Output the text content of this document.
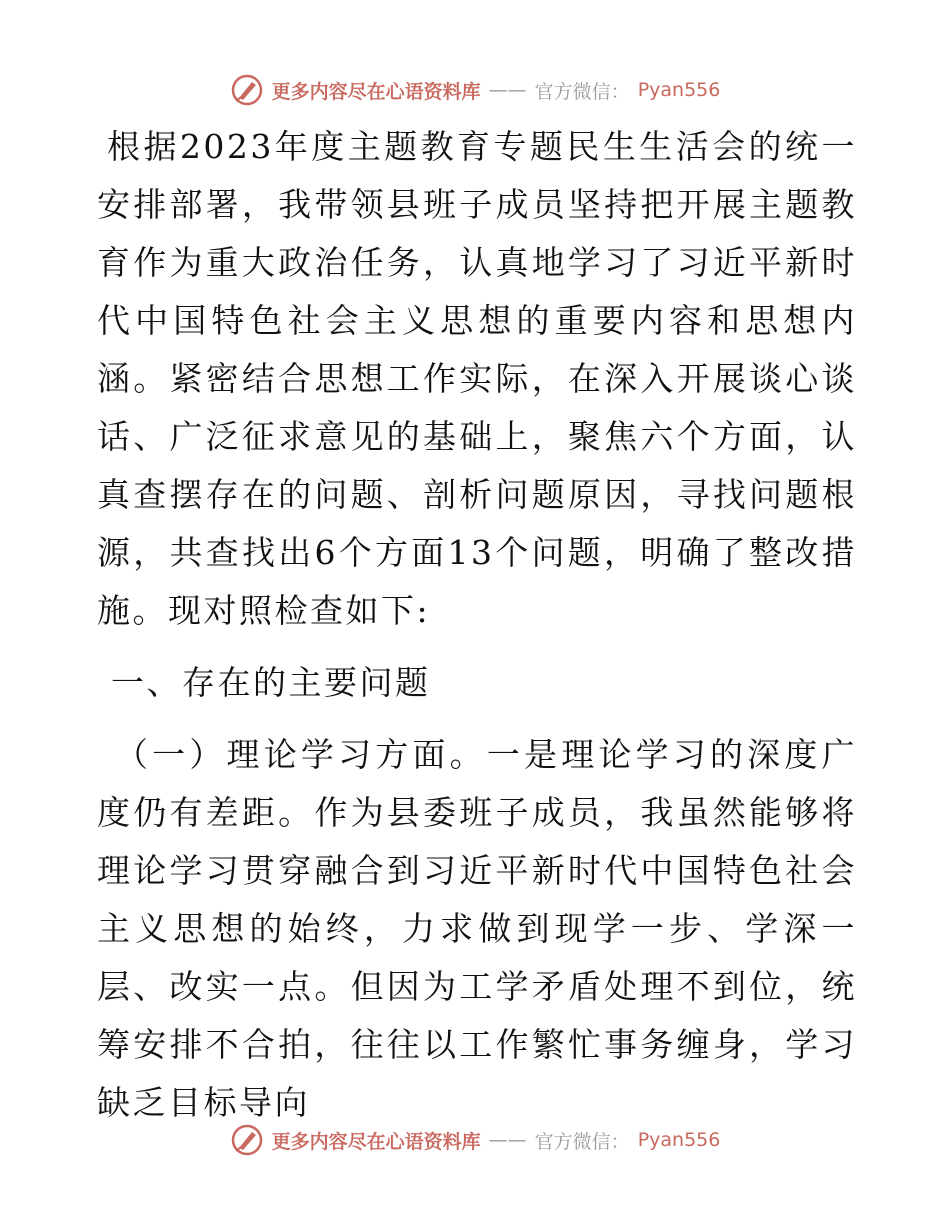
更多内容尽在心语资料库 —— 官方微信： Pyan556

根据2023年度主题教育专题民生生活会的统一安排部署，我带领县班子成员坚持把开展主题教育作为重大政治任务，认真地学习了习近平新时代中国特色社会主义思想的重要内容和思想内涵。紧密结合思想工作实际，在深入开展谈心谈话、广泛征求意见的基础上，聚焦六个方面，认真查摆存在的问题、剖析问题原因，寻找问题根源，共查找出6个方面13个问题，明确了整改措施。现对照检查如下:

一、存在的主要问题

（一）理论学习方面。一是理论学习的深度广度仍有差距。作为县委班子成员，我虽然能够将理论学习贯穿融合到习近平新时代中国特色社会主义思想的始终，力求做到现学一步、学深一层、改实一点。但因为工学矛盾处理不到位，统筹安排不合拍，往往以工作繁忙事务缠身，学习缺乏目标导向

更多内容尽在心语资料库 —— 官方微信： Pyan556
